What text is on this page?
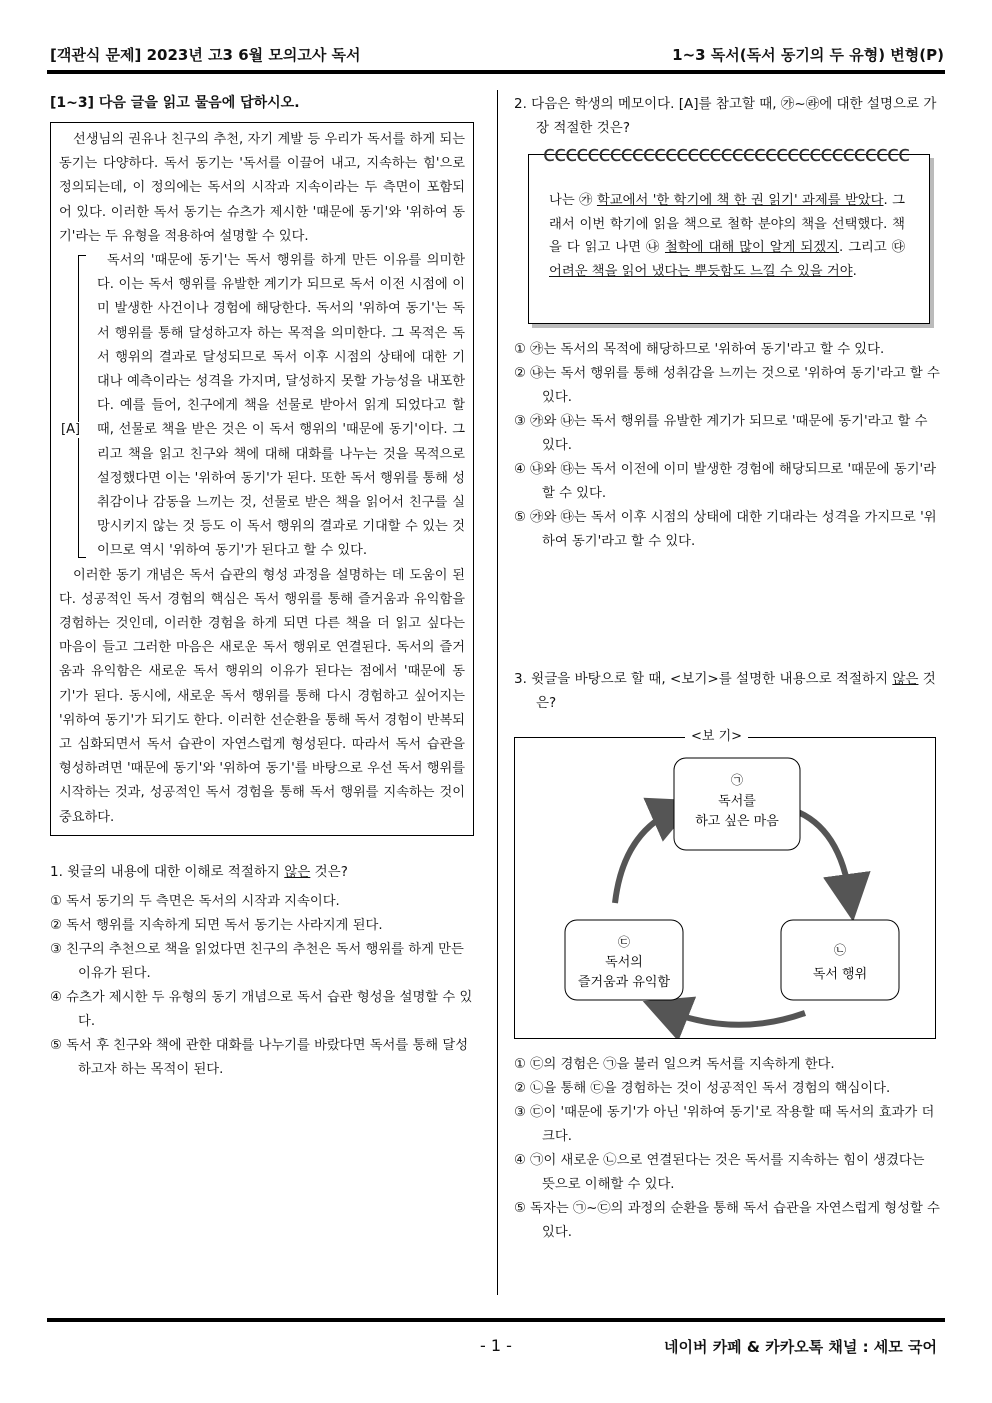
[객관식 문제] 2023년 고3 6월 모의고사 독서	1~3 독서(독서 동기의 두 유형) 변형(P)
[1~3] 다음 글을 읽고 물음에 답하시오.

선생님의 권유나 친구의 추천, 자기 계발 등 우리가 독서를 하게 되는 동기는 다양하다. 독서 동기는 '독서를 이끌어 내고, 지속하는 힘'으로 정의되는데, 이 정의에는 독서의 시작과 지속이라는 두 측면이 포함되어 있다. 이러한 독서 동기는 슈츠가 제시한 '때문에 동기'와 '위하여 동기'라는 두 유형을 적용하여 설명할 수 있다.

[A]

독서의 '때문에 동기'는 독서 행위를 하게 만든 이유를 의미한다. 이는 독서 행위를 유발한 계기가 되므로 독서 이전 시점에 이미 발생한 사건이나 경험에 해당한다. 독서의 '위하여 동기'는 독서 행위를 통해 달성하고자 하는 목적을 의미한다. 그 목적은 독서 행위의 결과로 달성되므로 독서 이후 시점의 상태에 대한 기대나 예측이라는 성격을 가지며, 달성하지 못할 가능성을 내포한다. 예를 들어, 친구에게 책을 선물로 받아서 읽게 되었다고 할 때, 선물로 책을 받은 것은 이 독서 행위의 '때문에 동기'이다. 그리고 책을 읽고 친구와 책에 대해 대화를 나누는 것을 목적으로 설정했다면 이는 '위하여 동기'가 된다. 또한 독서 행위를 통해 성취감이나 감동을 느끼는 것, 선물로 받은 책을 읽어서 친구를 실망시키지 않는 것 등도 이 독서 행위의 결과로 기대할 수 있는 것이므로 역시 '위하여 동기'가 된다고 할 수 있다.

이러한 동기 개념은 독서 습관의 형성 과정을 설명하는 데 도움이 된다. 성공적인 독서 경험의 핵심은 독서 행위를 통해 즐거움과 유익함을 경험하는 것인데, 이러한 경험을 하게 되면 다른 책을 더 읽고 싶다는 마음이 들고 그러한 마음은 새로운 독서 행위로 연결된다. 독서의 즐거움과 유익함은 새로운 독서 행위의 이유가 된다는 점에서 '때문에 동기'가 된다. 동시에, 새로운 독서 행위를 통해 다시 경험하고 싶어지는 '위하여 동기'가 되기도 한다. 이러한 선순환을 통해 독서 경험이 반복되고 심화되면서 독서 습관이 자연스럽게 형성된다. 따라서 독서 습관을 형성하려면 '때문에 동기'와 '위하여 동기'를 바탕으로 우선 독서 행위를 시작하는 것과, 성공적인 독서 경험을 통해 독서 행위를 지속하는 것이 중요하다.

1. 윗글의 내용에 대한 이해로 적절하지 않은 것은?

① 독서 동기의 두 측면은 독서의 시작과 지속이다.
② 독서 행위를 지속하게 되면 독서 동기는 사라지게 된다.
③ 친구의 추천으로 책을 읽었다면 친구의 추천은 독서 행위를 하게 만든 이유가 된다.
④ 슈츠가 제시한 두 유형의 동기 개념으로 독서 습관 형성을 설명할 수 있다.
⑤ 독서 후 친구와 책에 관한 대화를 나누기를 바랐다면 독서를 통해 달성하고자 하는 목적이 된다.

2. 다음은 학생의 메모이다. [A]를 참고할 때, ㉮~㉱에 대한 설명으로 가장 적절한 것은?

ccccccccccccccccccccccccccccccccc
나는 ㉮ 학교에서 '한 학기에 책 한 권 읽기' 과제를 받았다. 그래서 이번 학기에 읽을 책으로 철학 분야의 책을 선택했다. 책을 다 읽고 나면 ㉯ 철학에 대해 많이 알게 되겠지. 그리고 ㉰ 어려운 책을 읽어 냈다는 뿌듯함도 느낄 수 있을 거야.
① ㉮는 독서의 목적에 해당하므로 '위하여 동기'라고 할 수 있다.
② ㉯는 독서 행위를 통해 성취감을 느끼는 것으로 '위하여 동기'라고 할 수 있다.
③ ㉮와 ㉯는 독서 행위를 유발한 계기가 되므로 '때문에 동기'라고 할 수 있다.
④ ㉯와 ㉰는 독서 이전에 이미 발생한 경험에 해당되므로 '때문에 동기'라 할 수 있다.
⑤ ㉮와 ㉰는 독서 이후 시점의 상태에 대한 기대라는 성격을 가지므로 '위하여 동기'라고 할 수 있다.

3. 윗글을 바탕으로 할 때, <보기>를 설명한 내용으로 적절하지 않은 것은?

<보 기>
㉠
독서를
하고 싶은 마음
㉡
독서 행위
㉢
독서의
즐거움과 유익함
① ㉢의 경험은 ㉠을 불러 일으켜 독서를 지속하게 한다.
② ㉡을 통해 ㉢을 경험하는 것이 성공적인 독서 경험의 핵심이다.
③ ㉢이 '때문에 동기'가 아닌 '위하여 동기'로 작용할 때 독서의 효과가 더 크다.
④ ㉠이 새로운 ㉡으로 연결된다는 것은 독서를 지속하는 힘이 생겼다는 뜻으로 이해할 수 있다.
⑤ 독자는 ㉠~㉢의 과정의 순환을 통해 독서 습관을 자연스럽게 형성할 수 있다.
- 1 -	네이버 카페 & 카카오톡 채널 : 세모 국어
